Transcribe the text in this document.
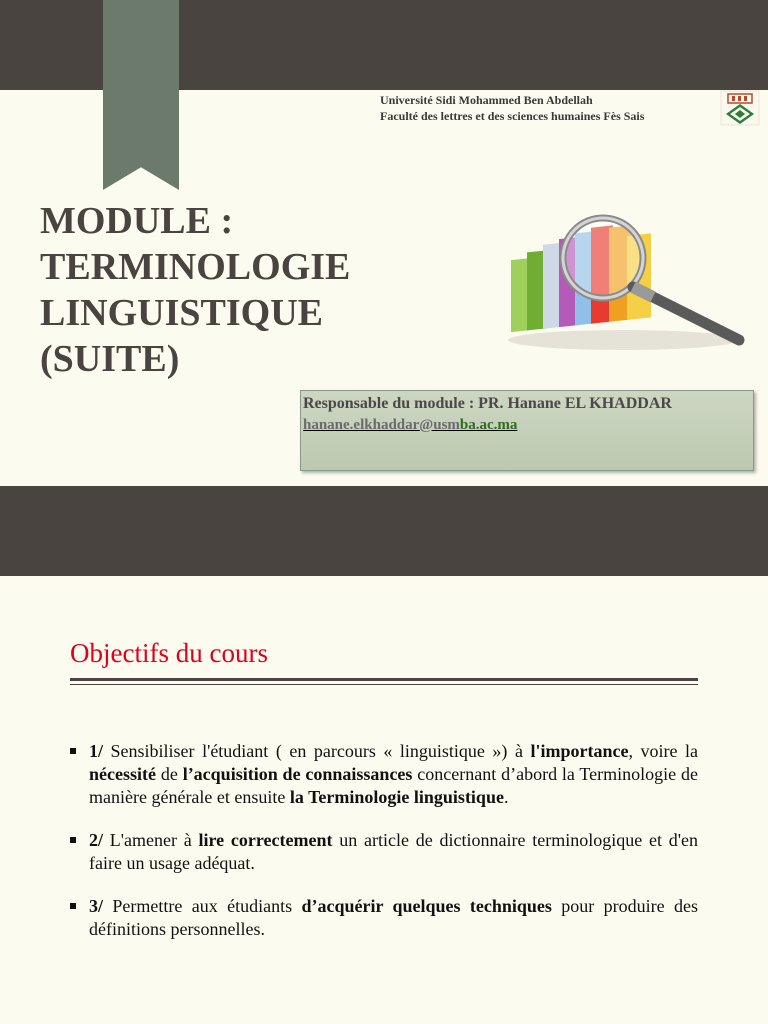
Université Sidi Mohammed Ben Abdellah
Faculté des lettres et des sciences humaines Fès Sais
MODULE :
TERMINOLOGIE
LINGUISTIQUE
(SUITE)
Responsable du module : PR. Hanane EL KHADDAR
hanane.elkhaddar@usmba.ac.ma
Objectifs du cours
1/ Sensibiliser l'étudiant ( en parcours « linguistique ») à l'importance, voire la nécessité de l’acquisition de connaissances concernant d’abord la Terminologie de manière générale et ensuite la Terminologie linguistique.
2/ L'amener à lire correctement un article de dictionnaire terminologique et d'en faire un usage adéquat.
3/ Permettre aux étudiants d’acquérir quelques techniques pour produire des définitions personnelles.
